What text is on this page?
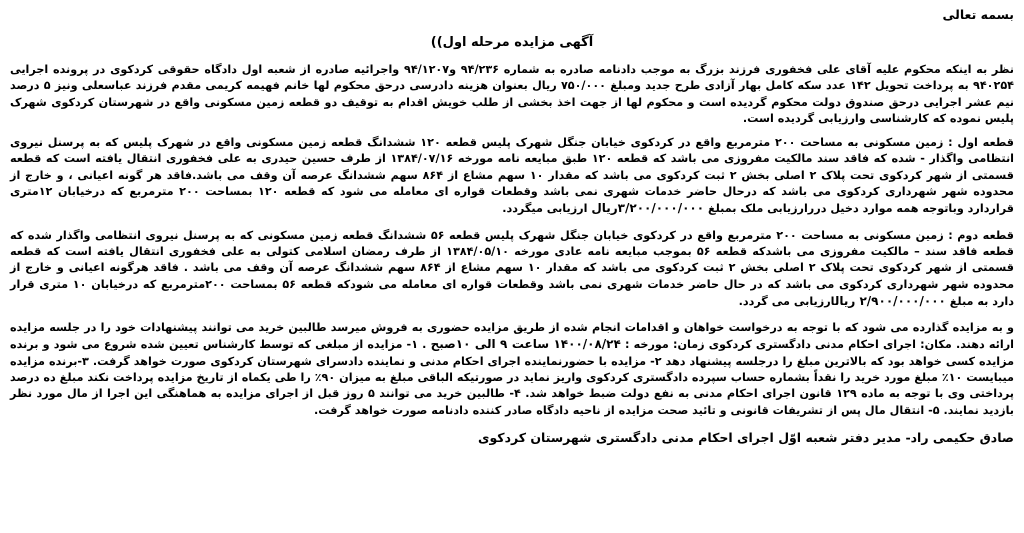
بسمه تعالی
آگهی مزایده مرحله اول))

نظر به اینکه محکوم علیه آقای علی فخفوری فرزند بزرگ به موجب دادنامه صادره به شماره ۹۴/۲۳۶ و۹۴/۱۲۰۷ واجرائیه صادره از شعبه اول دادگاه حقوقی کردکوی در پرونده اجرایی ۹۴۰۲۵۴ به پرداخت تحویل ۱۴۲ عدد سکه کامل بهار آزادی طرح جدید ومبلغ ۷۵۰/۰۰۰ ریال بعنوان هزینه دادرسی درحق محکوم لها خانم فهیمه کریمی مقدم فرزند عباسعلی ونیز ۵ درصد نیم عشر اجرایی درحق صندوق دولت محکوم گردیده است و محکوم لها از جهت اخذ بخشی از طلب خویش اقدام به توقیف دو قطعه زمین مسکونی واقع در شهرستان کردکوی شهرک پلیس نموده که کارشناسی وارزیابی گردیده است.

قطعه اول : زمین مسکونی به مساحت ۲۰۰ مترمربع واقع در کردکوی خیابان جنگل شهرک پلیس قطعه ۱۲۰ ششدانگ قطعه زمین مسکونی واقع در شهرک پلیس که به پرسنل نیروی انتظامی واگذار - شده که فاقد سند مالکیت مفروزی می باشد که قطعه ۱۲۰ طبق مبایعه نامه مورخه ۱۳۸۴/۰۷/۱۶ از طرف حسین حیدری به علی فخفوری انتقال یافته است که قطعه قسمتی از شهر کردکوی تحت پلاک ۲ اصلی بخش ۲ ثبت کردکوی می باشد که مقدار ۱۰ سهم مشاع از ۸۶۴ سهم ششدانگ عرصه آن وقف می باشد.فاقد هر گونه اعیانی ، و خارج از محدوده شهر شهرداری کردکوی می باشد که درحال حاضر خدمات شهری نمی باشد وقطعات قواره ای معامله می شود که قطعه ۱۲۰ بمساحت ۲۰۰ مترمربع که درخیابان ۱۲متری قراردارد وباتوجه همه موارد دخیل دررارزیابی ملک بمبلغ ۳/۲۰۰/۰۰۰/۰۰۰ریال ارزیابی میگردد.

قطعه دوم : زمین مسکونی به مساحت ۲۰۰ مترمربع واقع در کردکوی خیابان جنگل شهرک پلیس قطعه ۵۶ ششدانگ قطعه زمین مسکونی که به پرسنل نیروی انتظامی واگذار شده که قطعه فاقد سند – مالکیت مفروزی می باشدکه قطعه ۵۶ بموجب مبایعه نامه عادی مورخه ۱۳۸۴/۰۵/۱۰ از طرف رمضان اسلامی کتولی به علی فخفوری انتقال یافته است که قطعه قسمتی از شهر کردکوی تحت پلاک ۲ اصلی بخش ۲ ثبت کردکوی می باشد که مقدار ۱۰ سهم مشاع از ۸۶۴ سهم ششدانگ عرصه آن وقف می باشد . فاقد هرگونه اعیانی و خارج از محدوده شهر شهرداری کردکوی می باشد که در حال حاضر خدمات شهری نمی باشد وقطعات قواره ای معامله می شودکه قطعه ۵۶ بمساحت ۲۰۰مترمربع که درخیابان ۱۰ متری قرار دارد به مبلغ ۲/۹۰۰/۰۰۰/۰۰۰ ریالارزیابی می گردد.

و به مزایده گذارده می شود که با توجه به درخواست خواهان و اقدامات انجام شده از طریق مزایده حضوری به فروش میرسد طالبین خرید می توانند پیشنهادات خود را در جلسه مزایده ارائه دهند. مکان: اجرای احکام مدنی دادگستری کردکوی زمان: مورخه : ۱۴۰۰/۰۸/۲۴ ساعت ۹ الی ۱۰صبح . ۱- مزایده از مبلغی که توسط کارشناس تعیین شده شروع می شود و برنده مزایده کسی خواهد بود که بالاترین مبلغ را درجلسه پیشنهاد دهد ۲- مزایده با حضورنماینده اجرای احکام مدنی و نماینده دادسرای شهرستان کردکوی صورت خواهد گرفت. ۳-برنده مزایده میبایست ۱۰٪ مبلغ مورد خرید را نقداً بشماره حساب سپرده دادگستری کردکوی واریز نماید در صورتیکه الباقی مبلغ به میزان ۹۰٪ را طی یکماه از تاریخ مزایده پرداخت نکند مبلغ ده درصد پرداختی وی با توجه به ماده ۱۲۹ قانون اجرای احکام مدنی به نفع دولت ضبط خواهد شد. ۴- طالبین خرید می توانند ۵ روز قبل از اجرای مزایده به هماهنگی این اجرا از مال مورد نظر بازدید نمایند. ۵- انتقال مال پس از تشریفات قانونی و تائید صحت مزایده از ناحیه دادگاه صادر کننده دادنامه صورت خواهد گرفت.

صادق حکیمی راد- مدیر دفتر شعبه اوّل اجرای احکام مدنی دادگستری شهرستان کردکوی
